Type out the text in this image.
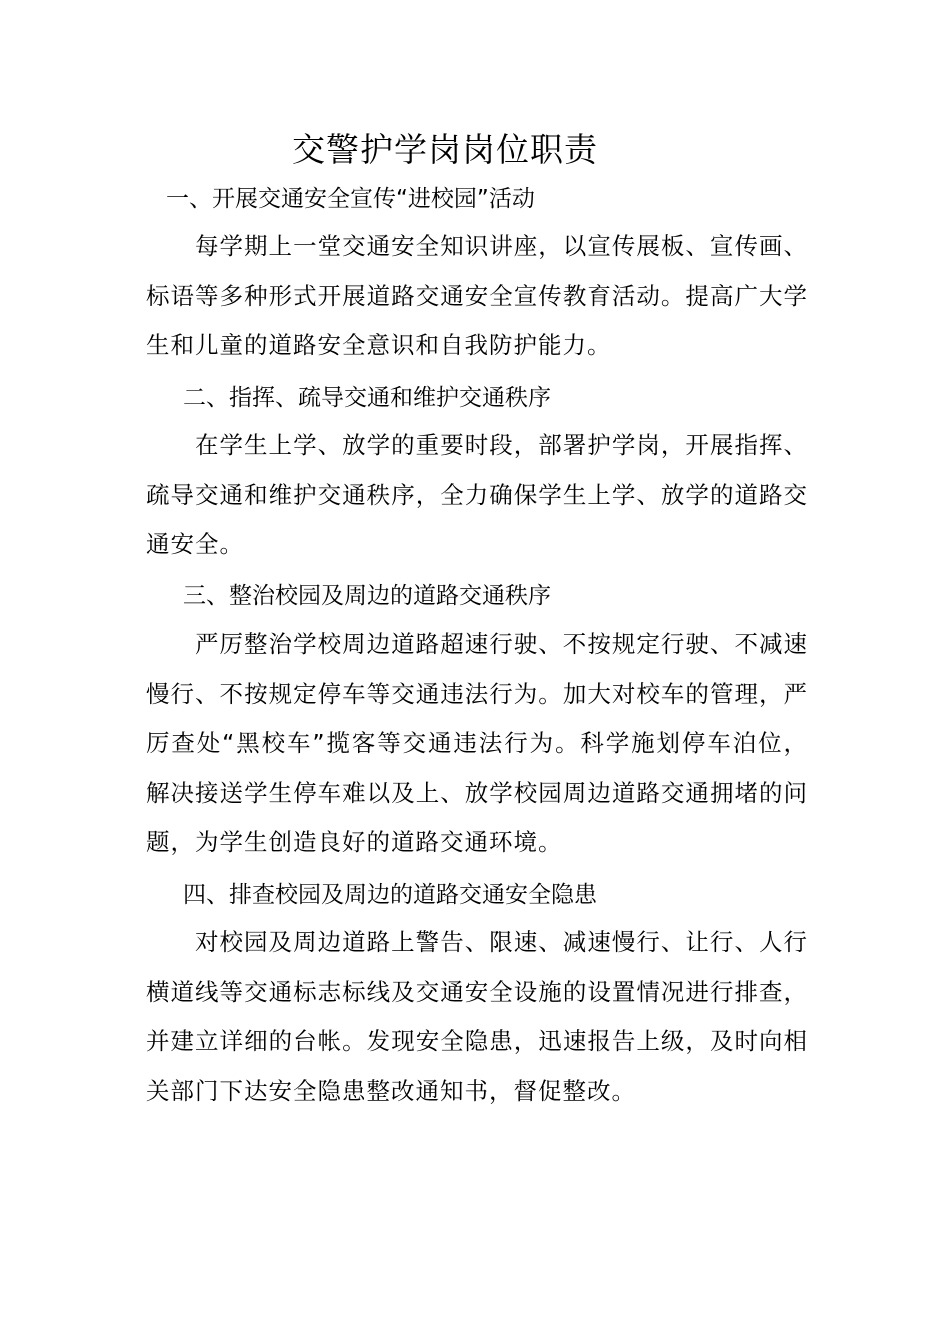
交警护学岗岗位职责
一、开展交通安全宣传“进校园”活动

每学期上一堂交通安全知识讲座，以宣传展板、宣传画、标语等多种形式开展道路交通安全宣传教育活动。提高广大学生和儿童的道路安全意识和自我防护能力。

二、指挥、疏导交通和维护交通秩序

在学生上学、放学的重要时段，部署护学岗，开展指挥、疏导交通和维护交通秩序，全力确保学生上学、放学的道路交通安全。

三、整治校园及周边的道路交通秩序

严厉整治学校周边道路超速行驶、不按规定行驶、不减速慢行、不按规定停车等交通违法行为。加大对校车的管理，严厉查处“黑校车”揽客等交通违法行为。科学施划停车泊位，解决接送学生停车难以及上、放学校园周边道路交通拥堵的问题，为学生创造良好的道路交通环境。

四、排查校园及周边的道路交通安全隐患

对校园及周边道路上警告、限速、减速慢行、让行、人行横道线等交通标志标线及交通安全设施的设置情况进行排查，并建立详细的台帐。发现安全隐患，迅速报告上级，及时向相关部门下达安全隐患整改通知书，督促整改。
